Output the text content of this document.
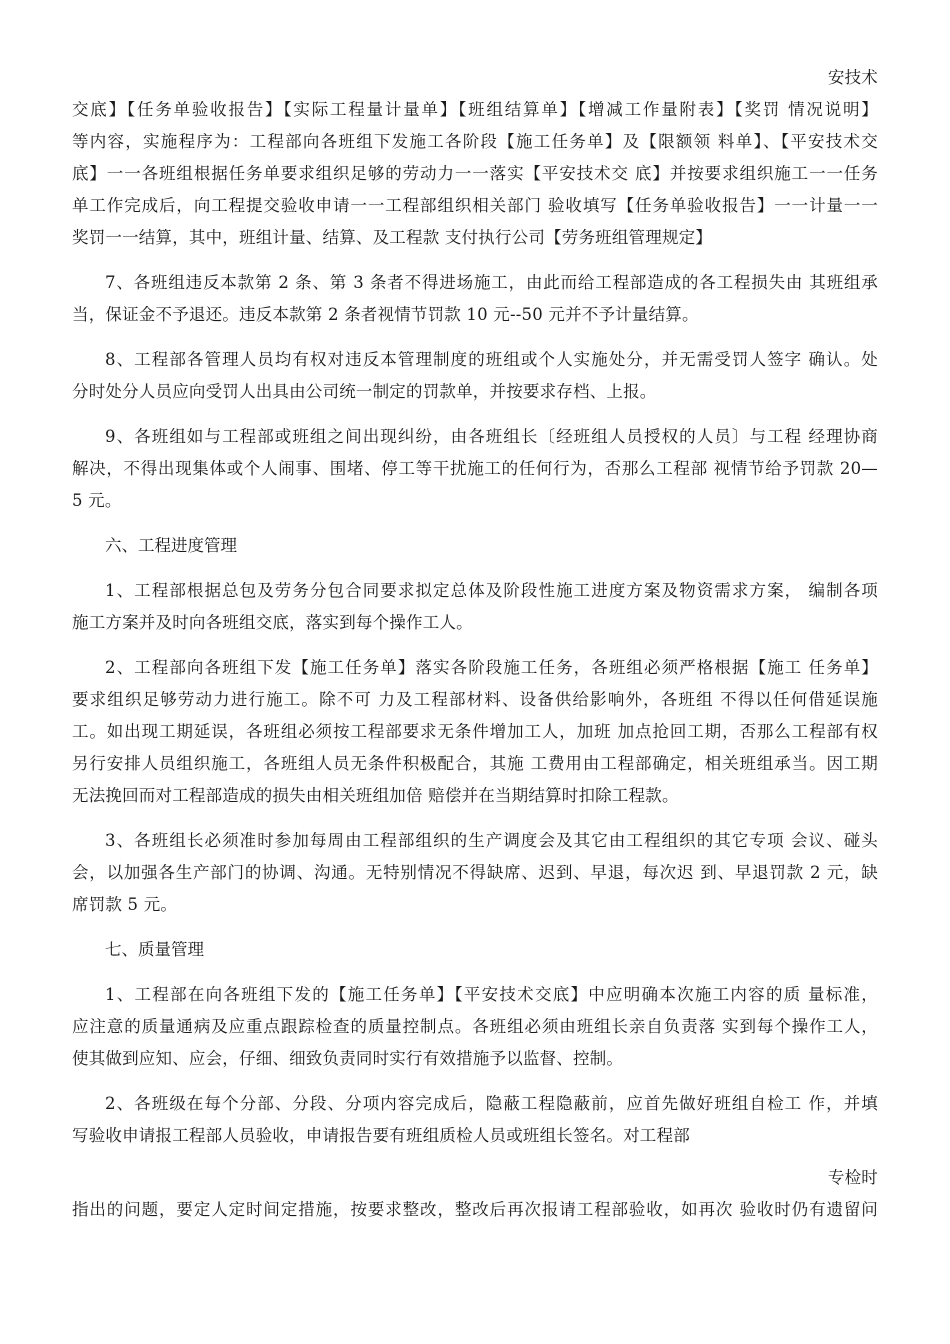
安技术
交底】【任务单验收报告】【实际工程量计量单】【班组结算单】【增减工作量附表】【奖罚 情况说明】
等内容，实施程序为：工程部向各班组下发施工各阶段【施工任务单】及【限额领 料单】、【平安技术交
底】一一各班组根据任务单要求组织足够的劳动力一一落实【平安技术交 底】并按要求组织施工一一任务
单工作完成后，向工程提交验收申请一一工程部组织相关部门 验收填写【任务单验收报告】一一计量一一
奖罚一一结算，其中，班组计量、结算、及工程款 支付执行公司【劳务班组管理规定】
7、各班组违反本款第 2 条、第 3 条者不得进场施工，由此而给工程部造成的各工程损失由 其班组承
当，保证金不予退还。违反本款第 2 条者视情节罚款 10 元--50 元并不予计量结算。
8、工程部各管理人员均有权对违反本管理制度的班组或个人实施处分，并无需受罚人签字 确认。处
分时处分人员应向受罚人出具由公司统一制定的罚款单，并按要求存档、上报。
9、各班组如与工程部或班组之间出现纠纷，由各班组长〔经班组人员授权的人员〕与工程 经理协商
解决，不得出现集体或个人闹事、围堵、停工等干扰施工的任何行为，否那么工程部 视情节给予罚款 20—
5 元。
六、工程进度管理
1、工程部根据总包及劳务分包合同要求拟定总体及阶段性施工进度方案及物资需求方案， 编制各项
施工方案并及时向各班组交底，落实到每个操作工人。
2、工程部向各班组下发【施工任务单】落实各阶段施工任务，各班组必须严格根据【施工 任务单】
要求组织足够劳动力进行施工。除不可 力及工程部材料、设备供给影响外，各班组 不得以任何借延误施
工。如出现工期延误，各班组必须按工程部要求无条件增加工人，加班 加点抢回工期，否那么工程部有权
另行安排人员组织施工，各班组人员无条件积极配合，其施 工费用由工程部确定，相关班组承当。因工期
无法挽回而对工程部造成的损失由相关班组加倍 赔偿并在当期结算时扣除工程款。
3、各班组长必须准时参加每周由工程部组织的生产调度会及其它由工程组织的其它专项 会议、碰头
会，以加强各生产部门的协调、沟通。无特别情况不得缺席、迟到、早退，每次迟 到、早退罚款 2 元，缺
席罚款 5 元。
七、质量管理
1、工程部在向各班组下发的【施工任务单】【平安技术交底】中应明确本次施工内容的质 量标准，
应注意的质量通病及应重点跟踪检查的质量控制点。各班组必须由班组长亲自负责落 实到每个操作工人，
使其做到应知、应会，仔细、细致负责同时实行有效措施予以监督、控制。
2、各班级在每个分部、分段、分项内容完成后，隐蔽工程隐蔽前，应首先做好班组自检工 作，并填
写验收申请报工程部人员验收，申请报告要有班组质检人员或班组长签名。对工程部
专检时
指出的问题，要定人定时间定措施，按要求整改，整改后再次报请工程部验收，如再次 验收时仍有遗留问
